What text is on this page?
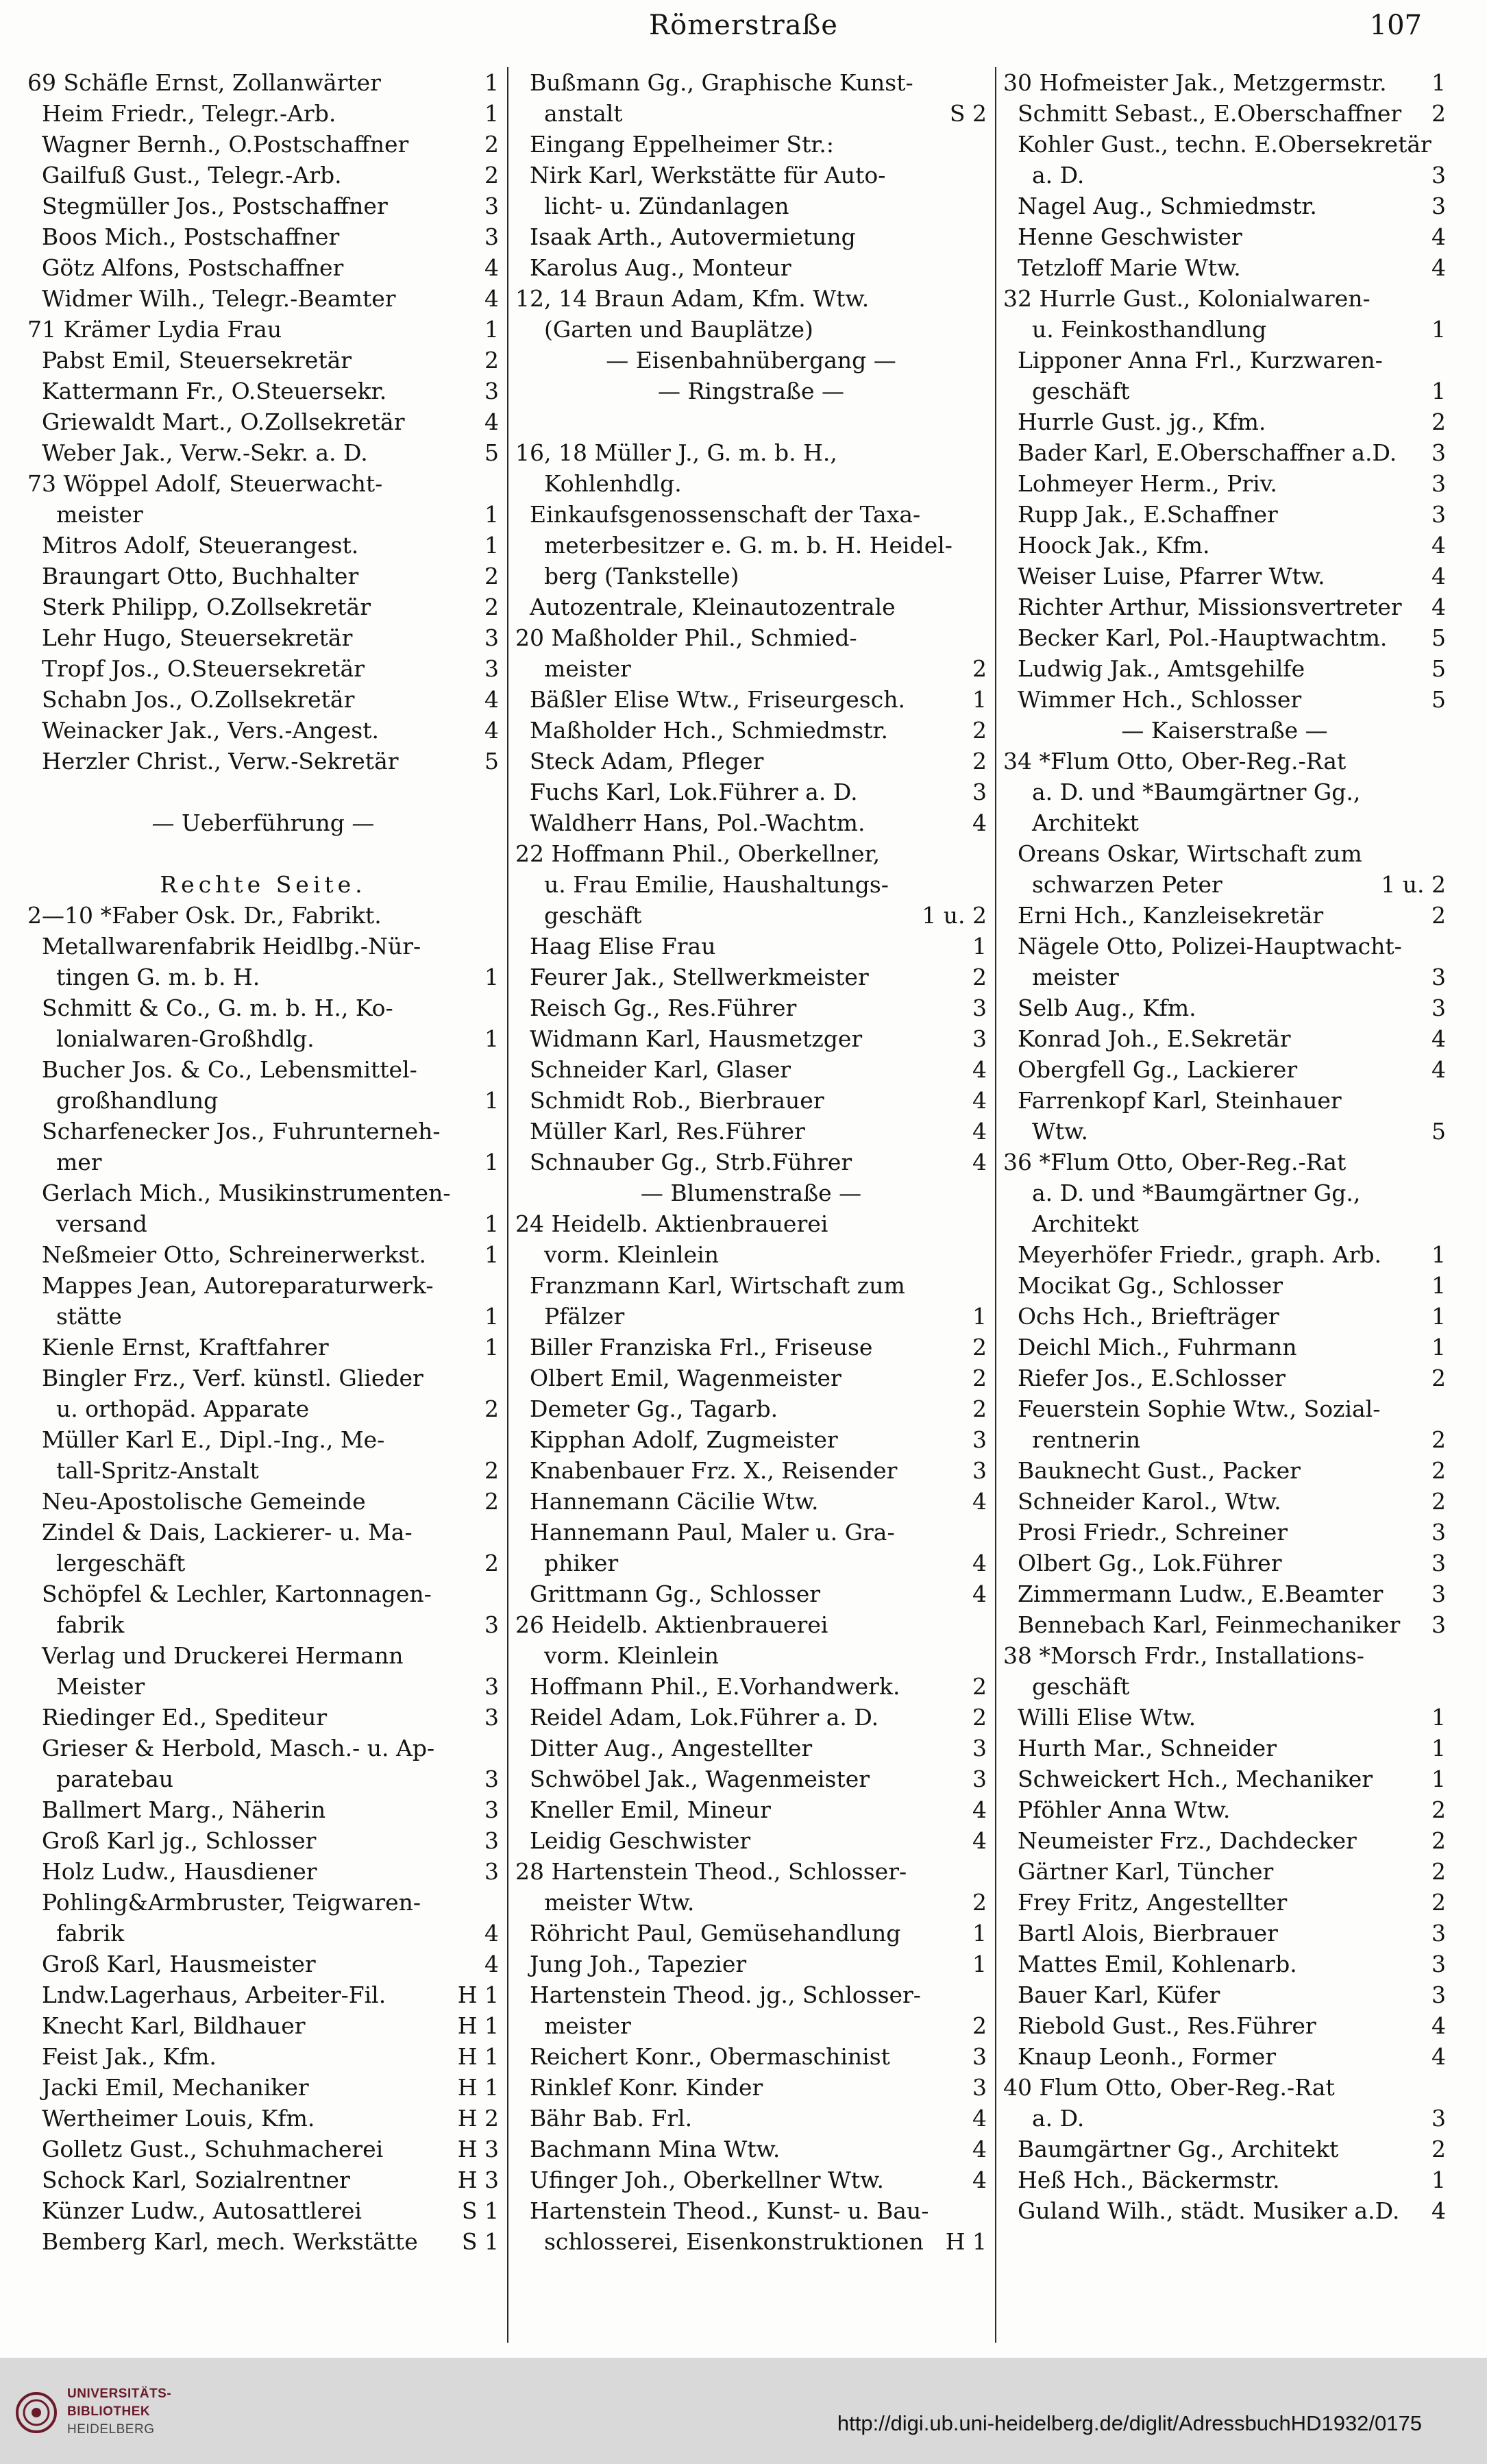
Römerstraße	107
69 Schäfle Ernst, Zollanwärter	1
Heim Friedr., Telegr.-Arb.	1
Wagner Bernh., O.Postschaffner	2
Gailfuß Gust., Telegr.-Arb.	2
Stegmüller Jos., Postschaffner	3
Boos Mich., Postschaffner	3
Götz Alfons, Postschaffner	4
Widmer Wilh., Telegr.-Beamter	4
71 Krämer Lydia Frau	1
Pabst Emil, Steuersekretär	2
Kattermann Fr., O.Steuersekr.	3
Griewaldt Mart., O.Zollsekretär	4
Weber Jak., Verw.-Sekr. a. D.	5
73 Wöppel Adolf, Steuerwacht-
meister	1
Mitros Adolf, Steuerangest.	1
Braungart Otto, Buchhalter	2
Sterk Philipp, O.Zollsekretär	2
Lehr Hugo, Steuersekretär	3
Tropf Jos., O.Steuersekretär	3
Schabn Jos., O.Zollsekretär	4
Weinacker Jak., Vers.-Angest.	4
Herzler Christ., Verw.-Sekretär	5
— Ueberführung —
Rechte Seite.
2—10 *Faber Osk. Dr., Fabrikt.
Metallwarenfabrik Heidlbg.-Nür-
tingen G. m. b. H.	1
Schmitt & Co., G. m. b. H., Ko-
lonialwaren-Großhdlg.	1
Bucher Jos. & Co., Lebensmittel-
großhandlung	1
Scharfenecker Jos., Fuhrunterneh-
mer	1
Gerlach Mich., Musikinstrumenten-
versand	1
Neßmeier Otto, Schreinerwerkst.	1
Mappes Jean, Autoreparaturwerk-
stätte	1
Kienle Ernst, Kraftfahrer	1
Bingler Frz., Verf. künstl. Glieder
u. orthopäd. Apparate	2
Müller Karl E., Dipl.-Ing., Me-
tall-Spritz-Anstalt	2
Neu-Apostolische Gemeinde	2
Zindel & Dais, Lackierer- u. Ma-
lergeschäft	2
Schöpfel & Lechler, Kartonnagen-
fabrik	3
Verlag und Druckerei Hermann
Meister	3
Riedinger Ed., Spediteur	3
Grieser & Herbold, Masch.- u. Ap-
paratebau	3
Ballmert Marg., Näherin	3
Groß Karl jg., Schlosser	3
Holz Ludw., Hausdiener	3
Pohling&Armbruster, Teigwaren-
fabrik	4
Groß Karl, Hausmeister	4
Lndw.Lagerhaus, Arbeiter-Fil.	H 1
Knecht Karl, Bildhauer	H 1
Feist Jak., Kfm.	H 1
Jacki Emil, Mechaniker	H 1
Wertheimer Louis, Kfm.	H 2
Golletz Gust., Schuhmacherei	H 3
Schock Karl, Sozialrentner	H 3
Künzer Ludw., Autosattlerei	S 1
Bemberg Karl, mech. Werkstätte S 1
Bußmann Gg., Graphische Kunst-
anstalt	S 2
Eingang Eppelheimer Str.:
Nirk Karl, Werkstätte für Auto-
licht- u. Zündanlagen
Isaak Arth., Autovermietung
Karolus Aug., Monteur
12, 14 Braun Adam, Kfm. Wtw.
(Garten und Bauplätze)
— Eisenbahnübergang —
— Ringstraße —
16, 18 Müller J., G. m. b. H.,
Kohlenhdlg.
Einkaufsgenossenschaft der Taxa-
meterbesitzer e. G. m. b. H. Heidel-
berg (Tankstelle)
Autozentrale, Kleinautozentrale
20 Maßholder Phil., Schmied-
meister	2
Bäßler Elise Wtw., Friseurgesch.	1
Maßholder Hch., Schmiedmstr.	2
Steck Adam, Pfleger	2
Fuchs Karl, Lok.Führer a. D.	3
Waldherr Hans, Pol.-Wachtm.	4
22 Hoffmann Phil., Oberkellner,
u. Frau Emilie, Haushaltungs-
geschäft	1 u. 2
Haag Elise Frau	1
Feurer Jak., Stellwerkmeister	2
Reisch Gg., Res.Führer	3
Widmann Karl, Hausmetzger	3
Schneider Karl, Glaser	4
Schmidt Rob., Bierbrauer	4
Müller Karl, Res.Führer	4
Schnauber Gg., Strb.Führer	4
— Blumenstraße —
24 Heidelb. Aktienbrauerei
vorm. Kleinlein
Franzmann Karl, Wirtschaft zum
Pfälzer	1
Biller Franziska Frl., Friseuse	2
Olbert Emil, Wagenmeister	2
Demeter Gg., Tagarb.	2
Kipphan Adolf, Zugmeister	3
Knabenbauer Frz. X., Reisender	3
Hannemann Cäcilie Wtw.	4
Hannemann Paul, Maler u. Gra-
phiker	4
Grittmann Gg., Schlosser	4
26 Heidelb. Aktienbrauerei
vorm. Kleinlein
Hoffmann Phil., E.Vorhandwerk.	2
Reidel Adam, Lok.Führer a. D.	2
Ditter Aug., Angestellter	3
Schwöbel Jak., Wagenmeister	3
Kneller Emil, Mineur	4
Leidig Geschwister	4
28 Hartenstein Theod., Schlosser-
meister Wtw.	2
Röhricht Paul, Gemüsehandlung	1
Jung Joh., Tapezier	1
Hartenstein Theod. jg., Schlosser-
meister	2
Reichert Konr., Obermaschinist	3
Rinklef Konr. Kinder	3
Bähr Bab. Frl.	4
Bachmann Mina Wtw.	4
Ufinger Joh., Oberkellner Wtw.	4
Hartenstein Theod., Kunst- u. Bau-
schlosserei, Eisenkonstruktionen H 1
30 Hofmeister Jak., Metzgermstr. 1
Schmitt Sebast., E.Oberschaffner 2
Kohler Gust., techn. E.Obersekretär
a. D.	3
Nagel Aug., Schmiedmstr.	3
Henne Geschwister	4
Tetzloff Marie Wtw.	4
32 Hurrle Gust., Kolonialwaren-
u. Feinkosthandlung	1
Lipponer Anna Frl., Kurzwaren-
geschäft	1
Hurrle Gust. jg., Kfm.	2
Bader Karl, E.Oberschaffner a.D. 3
Lohmeyer Herm., Priv.	3
Rupp Jak., E.Schaffner	3
Hoock Jak., Kfm.	4
Weiser Luise, Pfarrer Wtw.	4
Richter Arthur, Missionsvertreter 4
Becker Karl, Pol.-Hauptwachtm. 5
Ludwig Jak., Amtsgehilfe	5
Wimmer Hch., Schlosser	5
— Kaiserstraße —
34 *Flum Otto, Ober-Reg.-Rat
a. D. und *Baumgärtner Gg.,
Architekt
Oreans Oskar, Wirtschaft zum
schwarzen Peter	1 u. 2
Erni Hch., Kanzleisekretär	2
Nägele Otto, Polizei-Hauptwacht-
meister	3
Selb Aug., Kfm.	3
Konrad Joh., E.Sekretär	4
Obergfell Gg., Lackierer	4
Farrenkopf Karl, Steinhauer
Wtw.	5
36 *Flum Otto, Ober-Reg.-Rat
a. D. und *Baumgärtner Gg.,
Architekt
Meyerhöfer Friedr., graph. Arb. 1
Mocikat Gg., Schlosser	1
Ochs Hch., Briefträger	1
Deichl Mich., Fuhrmann	1
Riefer Jos., E.Schlosser	2
Feuerstein Sophie Wtw., Sozial-
rentnerin	2
Bauknecht Gust., Packer	2
Schneider Karol., Wtw.	2
Prosi Friedr., Schreiner	3
Olbert Gg., Lok.Führer	3
Zimmermann Ludw., E.Beamter 3
Bennebach Karl, Feinmechaniker 3
38 *Morsch Frdr., Installations-
geschäft
Willi Elise Wtw.	1
Hurth Mar., Schneider	1
Schweickert Hch., Mechaniker	1
Pföhler Anna Wtw.	2
Neumeister Frz., Dachdecker	2
Gärtner Karl, Tüncher	2
Frey Fritz, Angestellter	2
Bartl Alois, Bierbrauer	3
Mattes Emil, Kohlenarb.	3
Bauer Karl, Küfer	3
Riebold Gust., Res.Führer	4
Knaup Leonh., Former	4
40 Flum Otto, Ober-Reg.-Rat
a. D.	3
Baumgärtner Gg., Architekt	2
Heß Hch., Bäckermstr.	1
Guland Wilh., städt. Musiker a.D. 4
UNIVERSITÄTS-
BIBLIOTHEK
HEIDELBERG	http://digi.ub.uni-heidelberg.de/diglit/AdressbuchHD1932/0175
